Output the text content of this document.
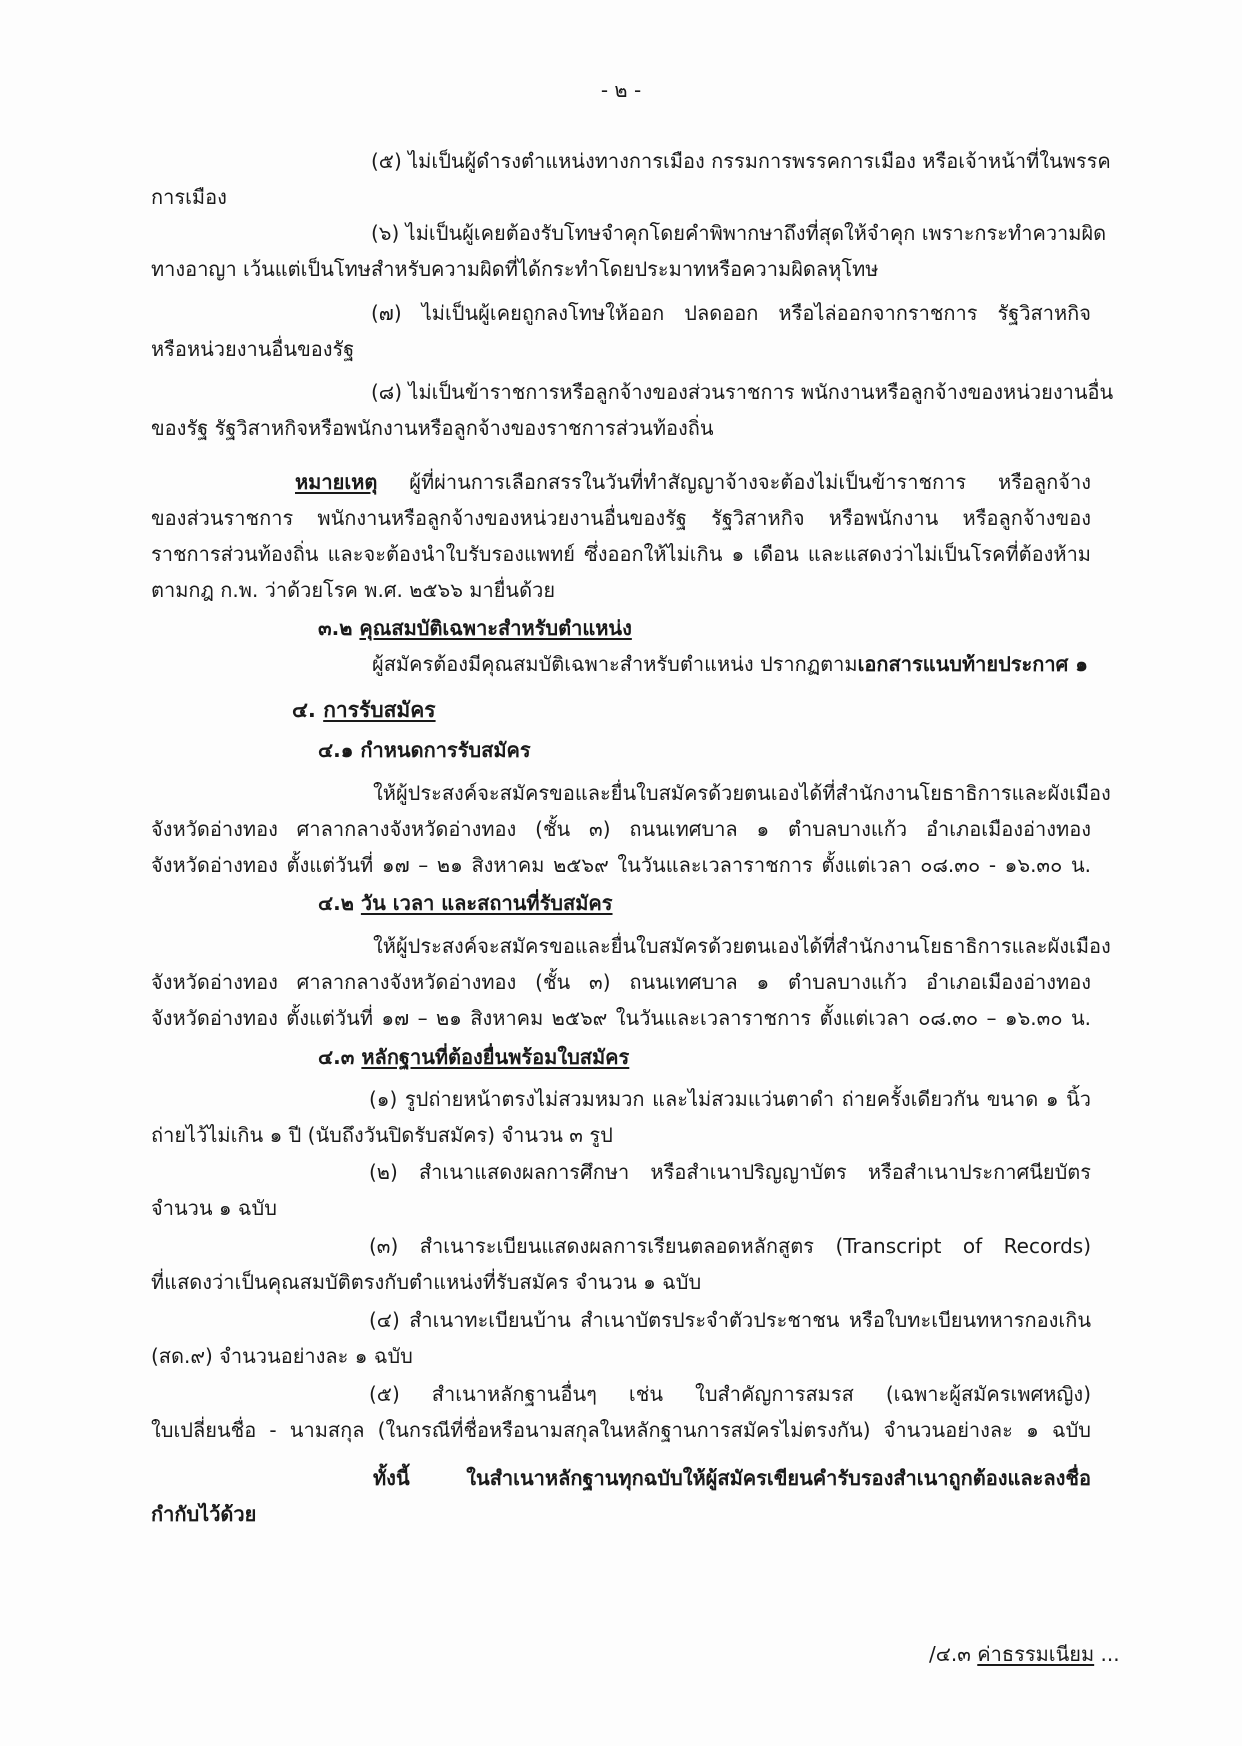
- ๒ -
(๕) ไม่เป็นผู้ดำรงตำแหน่งทางการเมือง กรรมการพรรคการเมือง หรือเจ้าหน้าที่ในพรรค
การเมือง
(๖) ไม่เป็นผู้เคยต้องรับโทษจำคุกโดยคำพิพากษาถึงที่สุดให้จำคุก เพราะกระทำความผิด
ทางอาญา เว้นแต่เป็นโทษสำหรับความผิดที่ได้กระทำโดยประมาทหรือความผิดลหุโทษ
(๗) ไม่เป็นผู้เคยถูกลงโทษให้ออก ปลดออก หรือไล่ออกจากราชการ รัฐวิสาหกิจ
หรือหน่วยงานอื่นของรัฐ
(๘) ไม่เป็นข้าราชการหรือลูกจ้างของส่วนราชการ พนักงานหรือลูกจ้างของหน่วยงานอื่น
ของรัฐ รัฐวิสาหกิจหรือพนักงานหรือลูกจ้างของราชการส่วนท้องถิ่น
หมายเหตุ ผู้ที่ผ่านการเลือกสรรในวันที่ทำสัญญาจ้างจะต้องไม่เป็นข้าราชการ หรือลูกจ้าง
ของส่วนราชการ พนักงานหรือลูกจ้างของหน่วยงานอื่นของรัฐ รัฐวิสาหกิจ หรือพนักงาน หรือลูกจ้างของ
ราชการส่วนท้องถิ่น และจะต้องนำใบรับรองแพทย์ ซึ่งออกให้ไม่เกิน ๑ เดือน และแสดงว่าไม่เป็นโรคที่ต้องห้าม
ตามกฎ ก.พ. ว่าด้วยโรค พ.ศ. ๒๕๖๖ มายื่นด้วย
๓.๒ คุณสมบัติเฉพาะสำหรับตำแหน่ง
ผู้สมัครต้องมีคุณสมบัติเฉพาะสำหรับตำแหน่ง ปรากฏตามเอกสารแนบท้ายประกาศ ๑
๔. การรับสมัคร
๔.๑ กำหนดการรับสมัคร
ให้ผู้ประสงค์จะสมัครขอและยื่นใบสมัครด้วยตนเองได้ที่สำนักงานโยธาธิการและผังเมือง
จังหวัดอ่างทอง ศาลากลางจังหวัดอ่างทอง (ชั้น ๓) ถนนเทศบาล ๑ ตำบลบางแก้ว อำเภอเมืองอ่างทอง
จังหวัดอ่างทอง ตั้งแต่วันที่ ๑๗ – ๒๑ สิงหาคม ๒๕๖๙ ในวันและเวลาราชการ ตั้งแต่เวลา ๐๘.๓๐ - ๑๖.๓๐ น.
๔.๒ วัน เวลา และสถานที่รับสมัคร
ให้ผู้ประสงค์จะสมัครขอและยื่นใบสมัครด้วยตนเองได้ที่สำนักงานโยธาธิการและผังเมือง
จังหวัดอ่างทอง ศาลากลางจังหวัดอ่างทอง (ชั้น ๓) ถนนเทศบาล ๑ ตำบลบางแก้ว อำเภอเมืองอ่างทอง
จังหวัดอ่างทอง ตั้งแต่วันที่ ๑๗ – ๒๑ สิงหาคม ๒๕๖๙ ในวันและเวลาราชการ ตั้งแต่เวลา ๐๘.๓๐ – ๑๖.๓๐ น.
๔.๓ หลักฐานที่ต้องยื่นพร้อมใบสมัคร
(๑) รูปถ่ายหน้าตรงไม่สวมหมวก และไม่สวมแว่นตาดำ ถ่ายครั้งเดียวกัน ขนาด ๑ นิ้ว
ถ่ายไว้ไม่เกิน ๑ ปี (นับถึงวันปิดรับสมัคร) จำนวน ๓ รูป
(๒) สำเนาแสดงผลการศึกษา หรือสำเนาปริญญาบัตร หรือสำเนาประกาศนียบัตร
จำนวน ๑ ฉบับ
(๓) สำเนาระเบียนแสดงผลการเรียนตลอดหลักสูตร (Transcript of Records)
ที่แสดงว่าเป็นคุณสมบัติตรงกับตำแหน่งที่รับสมัคร จำนวน ๑ ฉบับ
(๔) สำเนาทะเบียนบ้าน สำเนาบัตรประจำตัวประชาชน หรือใบทะเบียนทหารกองเกิน
(สด.๙) จำนวนอย่างละ ๑ ฉบับ
(๕) สำเนาหลักฐานอื่นๆ เช่น ใบสำคัญการสมรส (เฉพาะผู้สมัครเพศหญิง)
ใบเปลี่ยนชื่อ - นามสกุล (ในกรณีที่ชื่อหรือนามสกุลในหลักฐานการสมัครไม่ตรงกัน) จำนวนอย่างละ ๑ ฉบับ
ทั้งนี้ ในสำเนาหลักฐานทุกฉบับให้ผู้สมัครเขียนคำรับรองสำเนาถูกต้องและลงชื่อ
กำกับไว้ด้วย
/๔.๓ ค่าธรรมเนียม ...
